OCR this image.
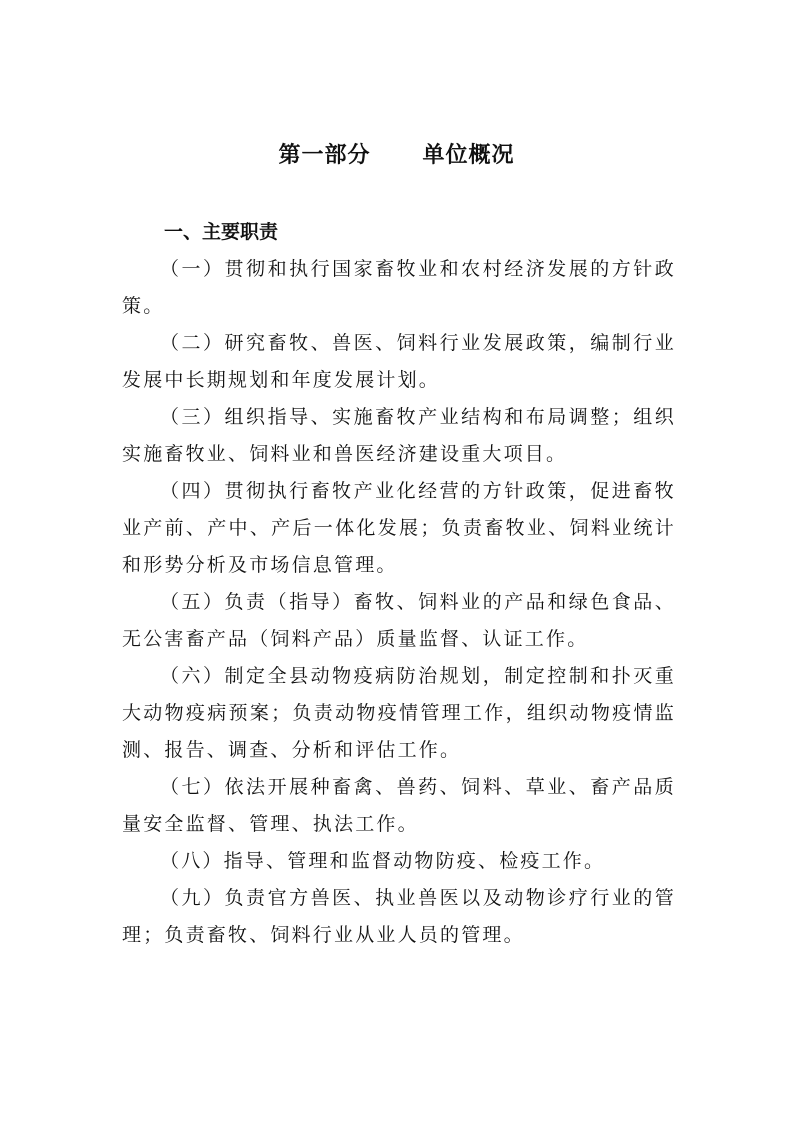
第一部分      单位概况
一、主要职责

（一）贯彻和执行国家畜牧业和农村经济发展的方针政策。

（二）研究畜牧、兽医、饲料行业发展政策，编制行业发展中长期规划和年度发展计划。

（三）组织指导、实施畜牧产业结构和布局调整；组织实施畜牧业、饲料业和兽医经济建设重大项目。

（四）贯彻执行畜牧产业化经营的方针政策，促进畜牧业产前、产中、产后一体化发展；负责畜牧业、饲料业统计和形势分析及市场信息管理。

（五）负责（指导）畜牧、饲料业的产品和绿色食品、无公害畜产品（饲料产品）质量监督、认证工作。

（六）制定全县动物疫病防治规划，制定控制和扑灭重大动物疫病预案；负责动物疫情管理工作，组织动物疫情监测、报告、调查、分析和评估工作。

（七）依法开展种畜禽、兽药、饲料、草业、畜产品质量安全监督、管理、执法工作。

（八）指导、管理和监督动物防疫、检疫工作。

（九）负责官方兽医、执业兽医以及动物诊疗行业的管理；负责畜牧、饲料行业从业人员的管理。
